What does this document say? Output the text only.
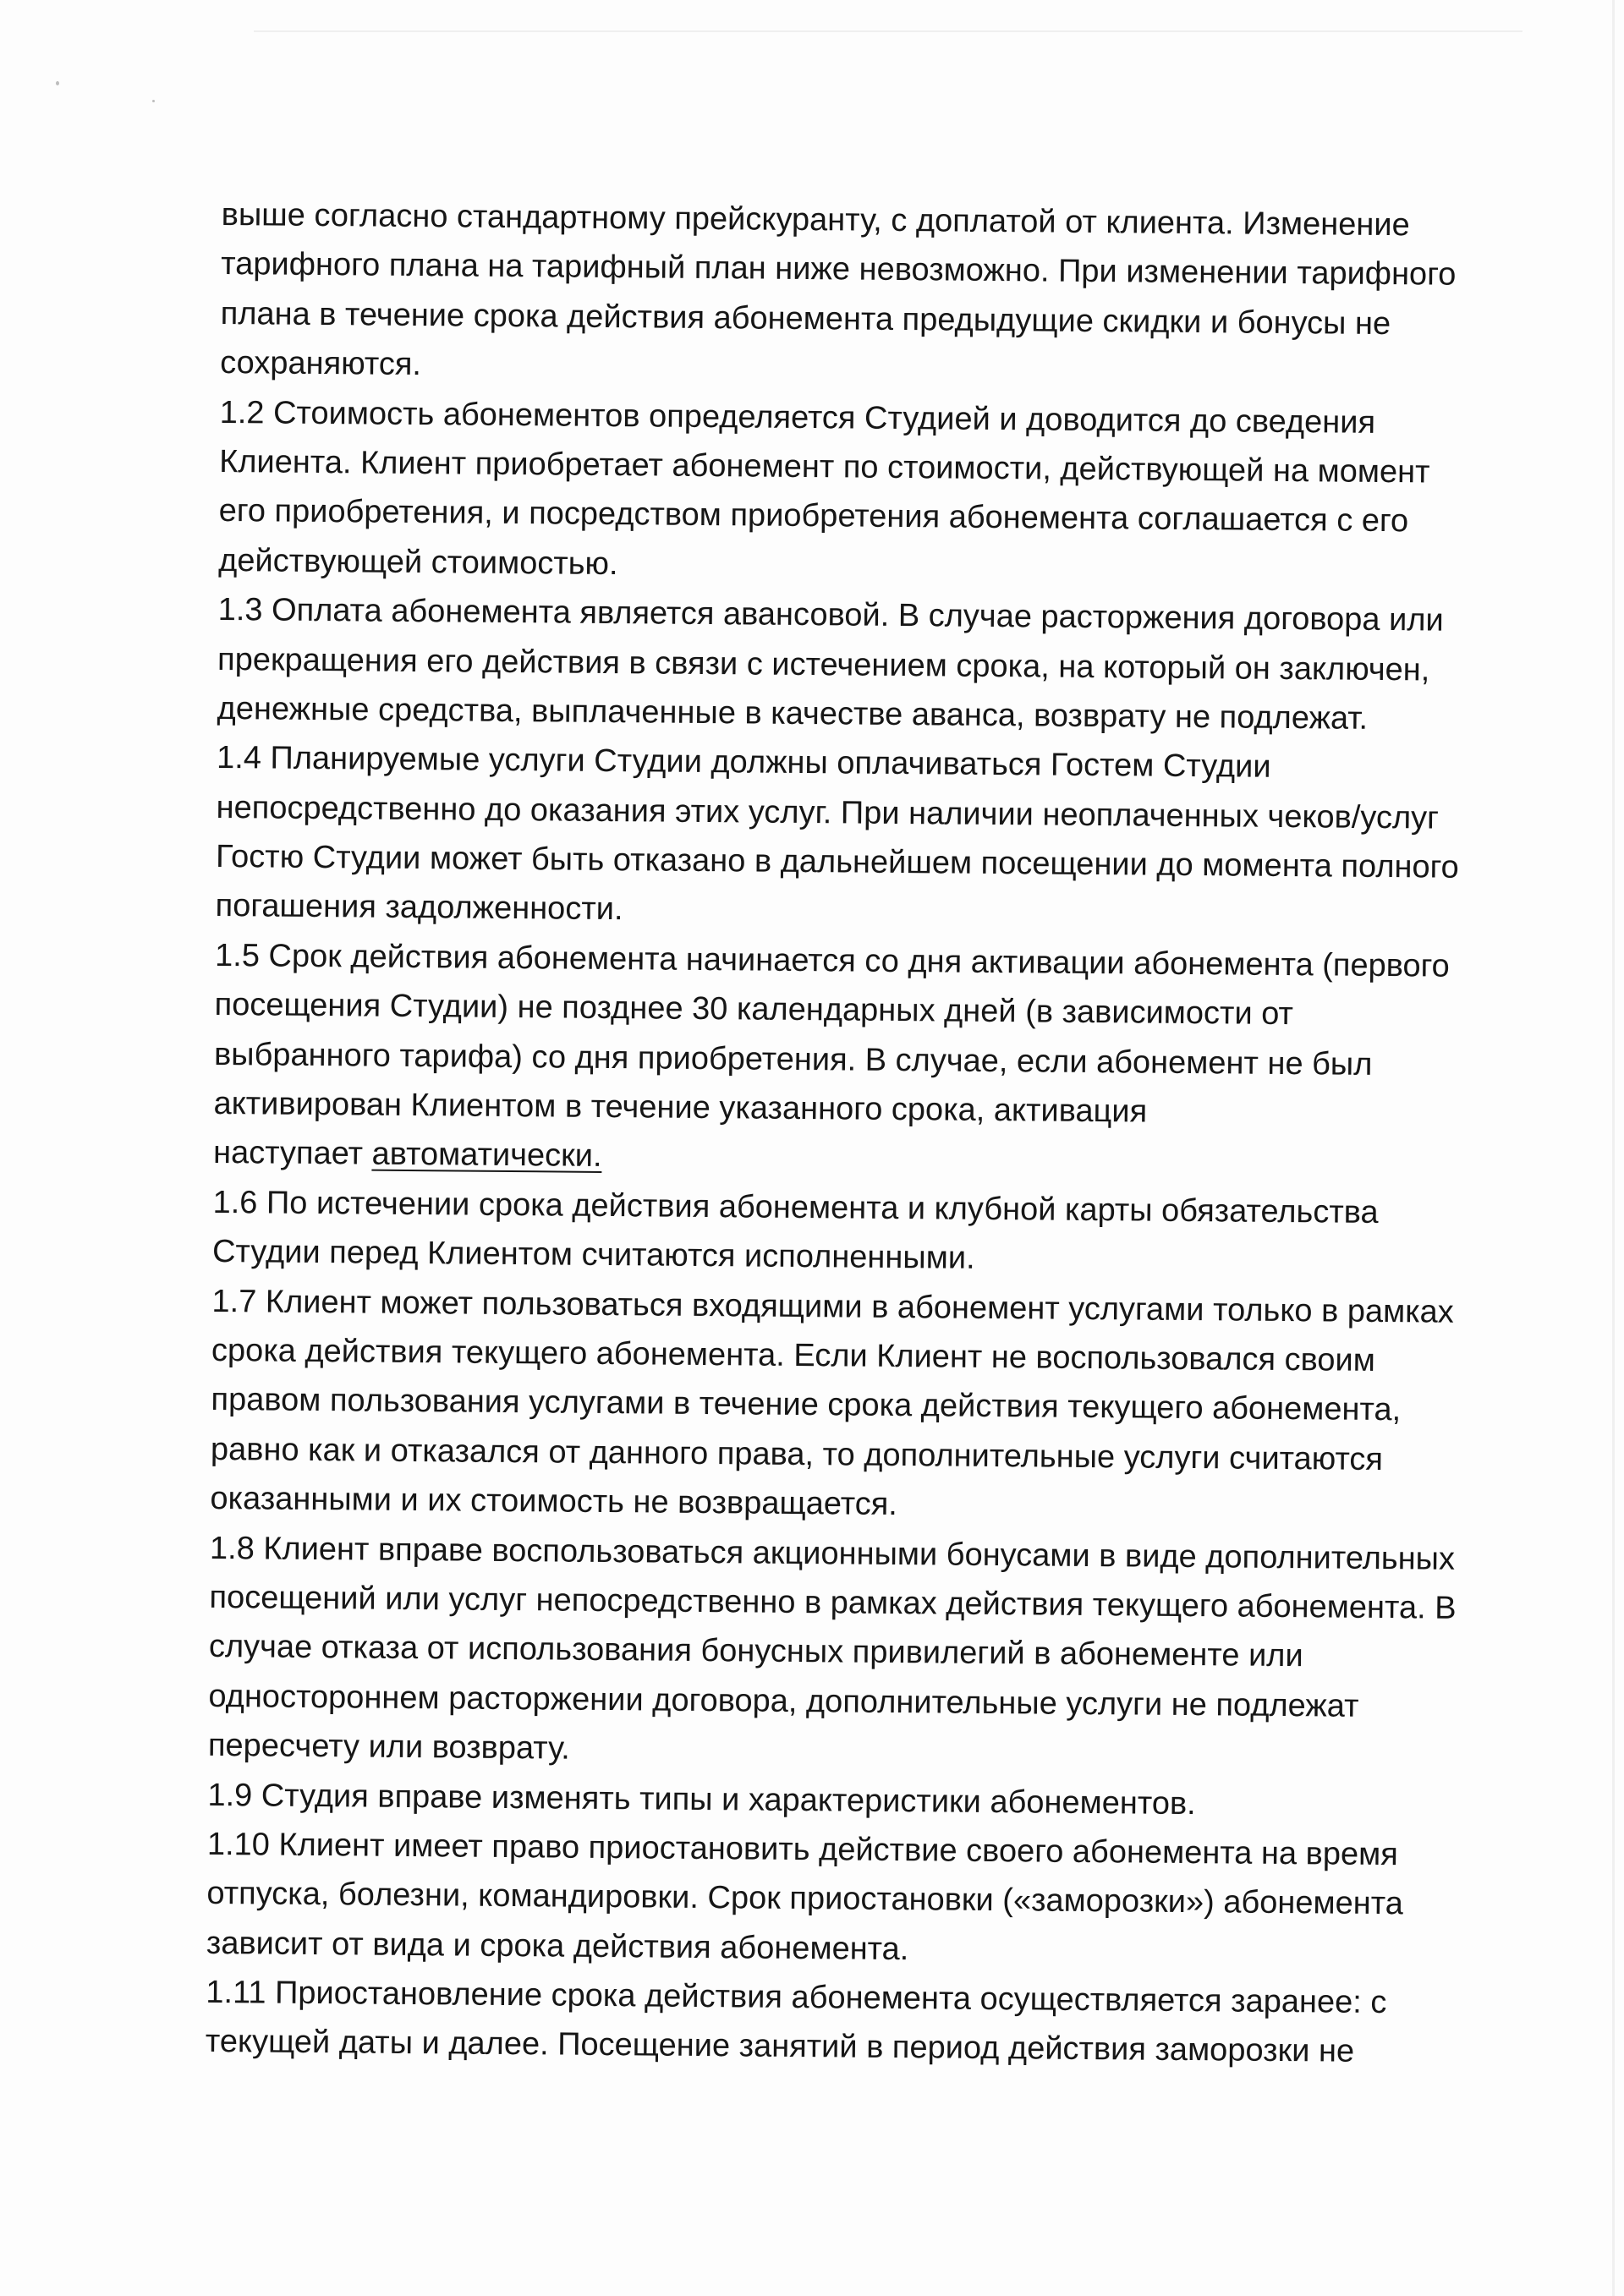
выше согласно стандартному прейскуранту, с доплатой от клиента. Изменение
тарифного плана на тарифный план ниже невозможно. При изменении тарифного
плана в течение срока действия абонемента предыдущие скидки и бонусы не
сохраняются.
1.2 Стоимость абонементов определяется Студией и доводится до сведения
Клиента. Клиент приобретает абонемент по стоимости, действующей на момент
его приобретения, и посредством приобретения абонемента соглашается с его
действующей стоимостью.
1.3 Оплата абонемента является авансовой. В случае расторжения договора или
прекращения его действия в связи с истечением срока, на который он заключен,
денежные средства, выплаченные в качестве аванса, возврату не подлежат.
1.4 Планируемые услуги Студии должны оплачиваться Гостем Студии
непосредственно до оказания этих услуг. При наличии неоплаченных чеков/услуг
Гостю Студии может быть отказано в дальнейшем посещении до момента полного
погашения задолженности.
1.5 Срок действия абонемента начинается со дня активации абонемента (первого
посещения Студии) не позднее 30 календарных дней (в зависимости от
выбранного тарифа) со дня приобретения. В случае, если абонемент не был
активирован Клиентом в течение указанного срока, активация
наступает автоматически.
1.6 По истечении срока действия абонемента и клубной карты обязательства
Студии перед Клиентом считаются исполненными.
1.7 Клиент может пользоваться входящими в абонемент услугами только в рамках
срока действия текущего абонемента. Если Клиент не воспользовался своим
правом пользования услугами в течение срока действия текущего абонемента,
равно как и отказался от данного права, то дополнительные услуги считаются
оказанными и их стоимость не возвращается.
1.8 Клиент вправе воспользоваться акционными бонусами в виде дополнительных
посещений или услуг непосредственно в рамках действия текущего абонемента. В
случае отказа от использования бонусных привилегий в абонементе или
одностороннем расторжении договора, дополнительные услуги не подлежат
пересчету или возврату.
1.9 Студия вправе изменять типы и характеристики абонементов.
1.10 Клиент имеет право приостановить действие своего абонемента на время
отпуска, болезни, командировки. Срок приостановки («заморозки») абонемента
зависит от вида и срока действия абонемента.
1.11 Приостановление срока действия абонемента осуществляется заранее: с
текущей даты и далее. Посещение занятий в период действия заморозки не
